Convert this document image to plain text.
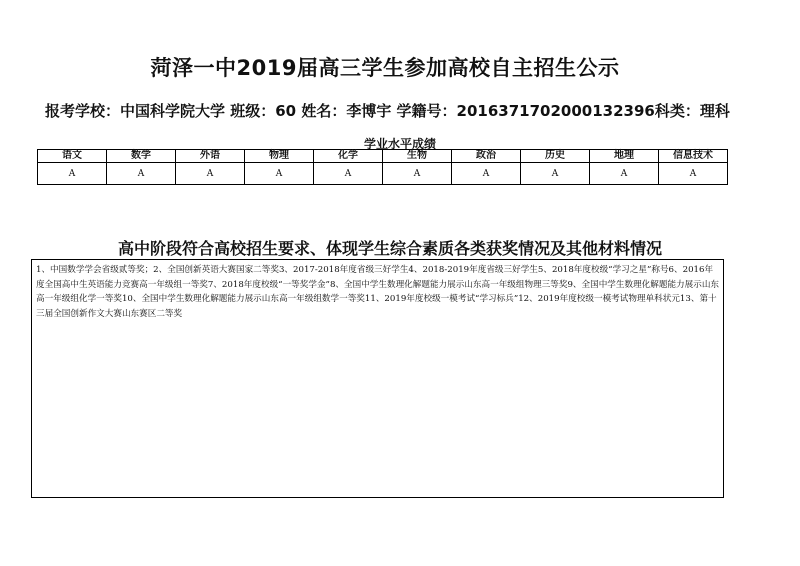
菏泽一中2019届高三学生参加高校自主招生公示
报考学校：中国科学院大学 班级：60 姓名：李博宇 学籍号：20163717020001323​96科类：理科
学业水平成绩
语文	数学	外语	物理	化学	生物	政治	历史	地理	信息技术
A	A	A	A	A	A	A	A	A	A
高中阶段符合高校招生要求、体现学生综合素质各类获奖情况及其他材料情况
1、中国数学学会省级贰等奖；2、全国创新英语大赛国家二等奖3、2017-2018年度省级三好学生4、2018-2019年度省级三好学生5、2018年度校级“学习之星”称号6、2016年度全国高中生英语能力竞赛高一年级组一等奖7、2018年度校级“一等奖学金”8、全国中学生数理化解题能力展示山东高一年级组物理三等奖9、全国中学生数理化解题能力展示山东高一年级组化学一等奖10、全国中学生数理化解题能力展示山东高一年级组数学一等奖11、2019年度校级一模考试“学习标兵”12、2019年度校级一模考试物理单科状元13、第十三届全国创新作文大赛山东赛区二等奖
